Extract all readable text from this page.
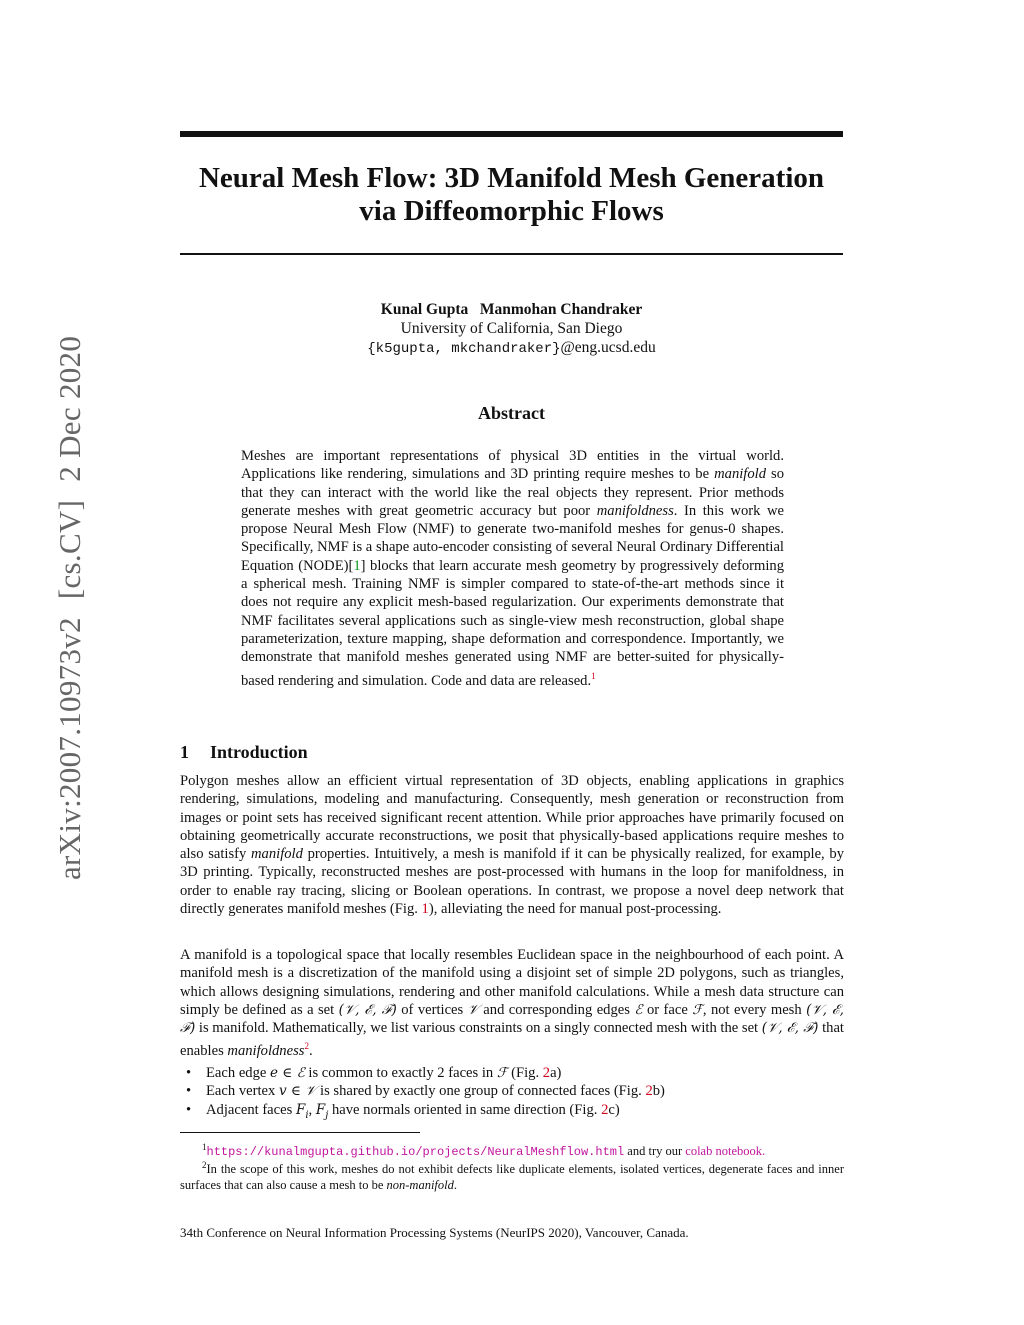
arXiv:2007.10973v2[cs.CV]2 Dec 2020
Neural Mesh Flow: 3D Manifold Mesh Generation
via Diffeomorphic Flows
Kunal Gupta   Manmohan Chandraker
University of California, San Diego
{k5gupta, mkchandraker}@eng.ucsd.edu
Abstract
Meshes are important representations of physical 3D entities in the virtual world. Applications like rendering, simulations and 3D printing require meshes to be manifold so that they can interact with the world like the real objects they represent. Prior methods generate meshes with great geometric accuracy but poor manifoldness. In this work we propose Neural Mesh Flow (NMF) to generate two-manifold meshes for genus-0 shapes. Specifically, NMF is a shape auto-encoder consisting of several Neural Ordinary Differential Equation (NODE)[1] blocks that learn accurate mesh geometry by progressively deforming a spherical mesh. Training NMF is simpler compared to state-of-the-art methods since it does not require any explicit mesh-based regularization. Our experiments demonstrate that NMF facilitates several applications such as single-view mesh reconstruction, global shape parameterization, texture mapping, shape deformation and correspondence. Importantly, we demonstrate that manifold meshes generated using NMF are better-suited for physically-based rendering and simulation. Code and data are released.$^1$
1 Introduction
Polygon meshes allow an efficient virtual representation of 3D objects, enabling applications in graphics rendering, simulations, modeling and manufacturing. Consequently, mesh generation or reconstruction from images or point sets has received significant recent attention. While prior approaches have primarily focused on obtaining geometrically accurate reconstructions, we posit that physically-based applications require meshes to also satisfy manifold properties. Intuitively, a mesh is manifold if it can be physically realized, for example, by 3D printing. Typically, reconstructed meshes are post-processed with humans in the loop for manifoldness, in order to enable ray tracing, slicing or Boolean operations. In contrast, we propose a novel deep network that directly generates manifold meshes (Fig. 1), alleviating the need for manual post-processing.
A manifold is a topological space that locally resembles Euclidean space in the neighbourhood of each point. A manifold mesh is a discretization of the manifold using a disjoint set of simple 2D polygons, such as triangles, which allows designing simulations, rendering and other manifold calculations. While a mesh data structure can simply be defined as a set (𝒱, ℰ, ℱ) of vertices 𝒱 and corresponding edges ℰ or face ℱ, not every mesh (𝒱, ℰ, ℱ) is manifold. Mathematically, we list various constraints on a singly connected mesh with the set (𝒱, ℰ, ℱ) that enables manifoldness$^2$.
• Each edge e ∈ ℰ is common to exactly 2 faces in ℱ (Fig. 2a)
• Each vertex v ∈ 𝒱 is shared by exactly one group of connected faces (Fig. 2b)
• Adjacent faces $F_i$, $F_j$ have normals oriented in same direction (Fig. 2c)
$^1$https://kunalmgupta.github.io/projects/NeuralMeshflow.html and try our colab notebook.
$^2$In the scope of this work, meshes do not exhibit defects like duplicate elements, isolated vertices, degenerate faces and inner surfaces that can also cause a mesh to be non-manifold.
34th Conference on Neural Information Processing Systems (NeurIPS 2020), Vancouver, Canada.
